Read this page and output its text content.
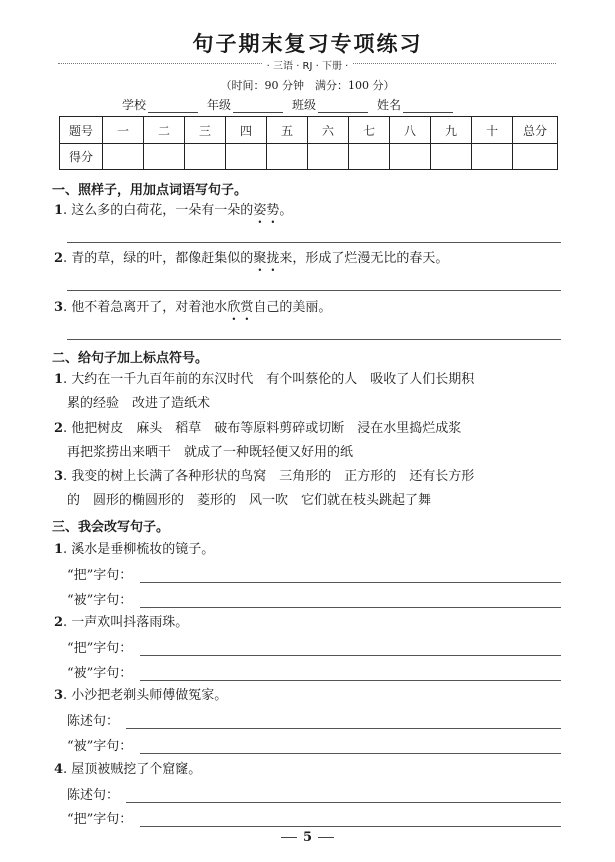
句子期末复习专项练习
· 三语 · RJ · 下册 ·
（时间：90 分钟　满分：100 分）
学校	年级	班级	姓名
题号	一	二	三	四	五	六	七	八	九	十	总分
得分											
一、照样子，用加点词语写句子。
1. 这么多的白荷花，一朵有一朵的姿势。
2. 青的草，绿的叶，都像赶集似的聚拢来，形成了烂漫无比的春天。
3. 他不着急离开了，对着池水欣赏自己的美丽。
二、给句子加上标点符号。
1. 大约在一千九百年前的东汉时代　有个叫蔡伦的人　吸收了人们长期积
累的经验　改进了造纸术
2. 他把树皮　麻头　稻草　破布等原料剪碎或切断　浸在水里捣烂成浆
再把浆捞出来晒干　就成了一种既轻便又好用的纸
3. 我变的树上长满了各种形状的鸟窝　三角形的　正方形的　还有长方形
的　圆形的椭圆形的　菱形的　风一吹　它们就在枝头跳起了舞
三、我会改写句子。
1. 溪水是垂柳梳妆的镜子。
“把”字句：
“被”字句：
2. 一声欢叫抖落雨珠。
“把”字句：
“被”字句：
3. 小沙把老剃头师傅做冤家。
陈述句：
“被”字句：
4. 屋顶被贼挖了个窟窿。
陈述句：
“把”字句：
5
